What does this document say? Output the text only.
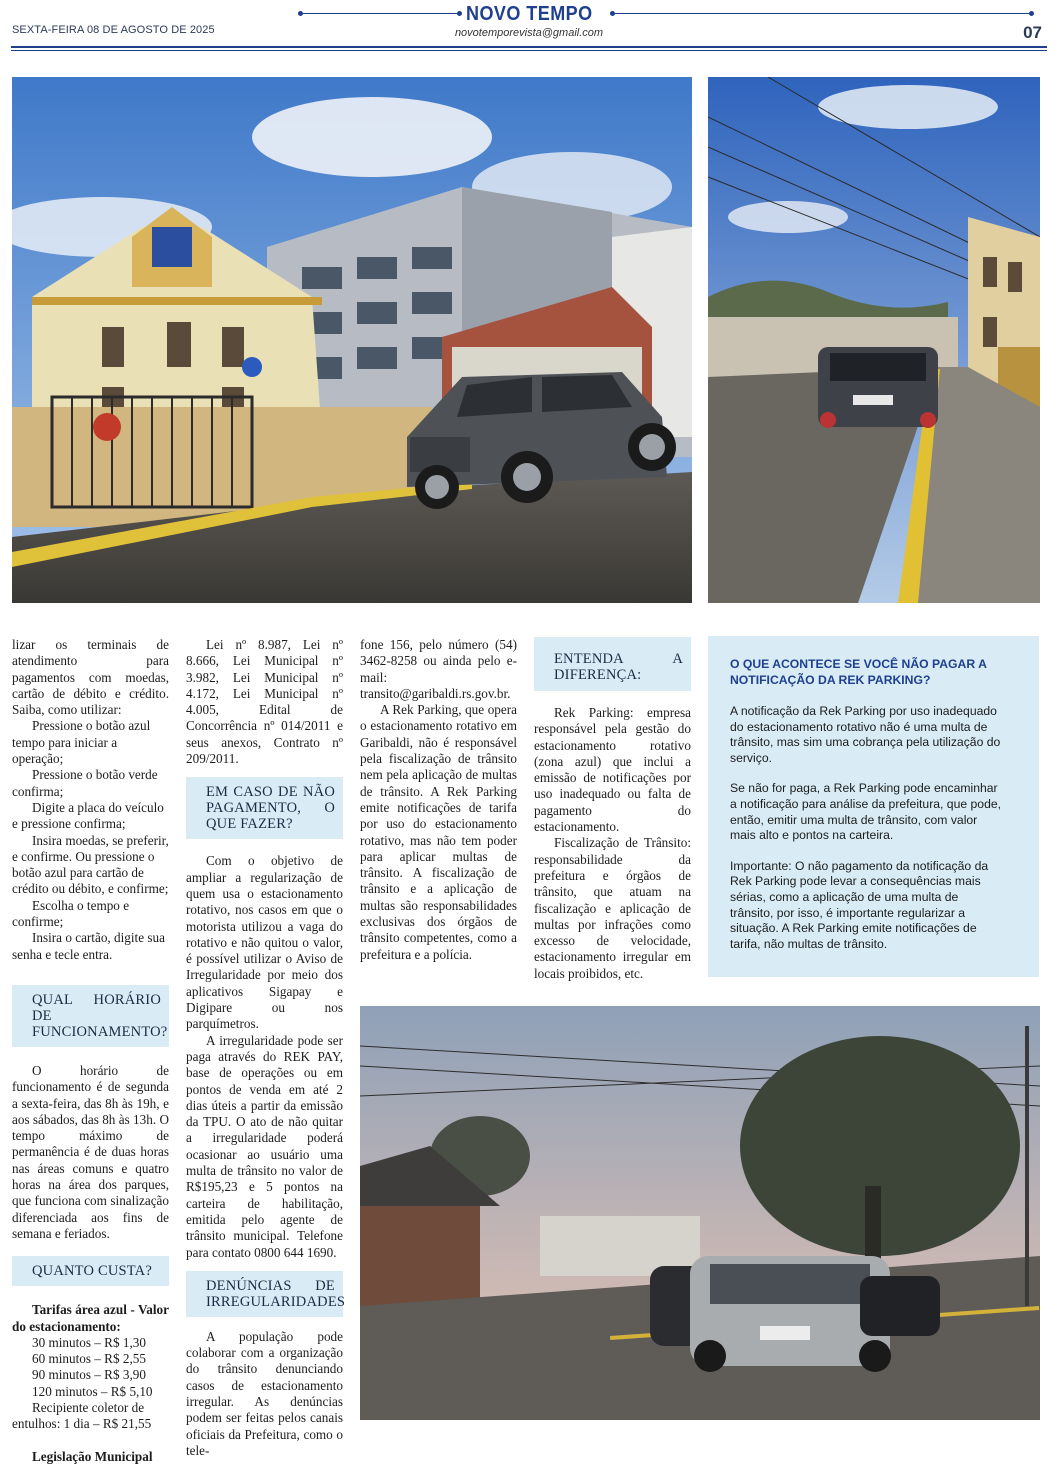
SEXTA-FEIRA 08 DE AGOSTO DE 2025
NOVO TEMPO
novotemporevista@gmail.com	07

lizar os terminais de atendimento para pagamentos com moedas, cartão de débito e crédito. Saiba, como utilizar:

Pressione o botão azul tempo para iniciar a operação;

Pressione o botão verde confirma;

Digite a placa do veículo e pressione confirma;

Insira moedas, se preferir, e confirme. Ou pressione o botão azul para cartão de crédito ou débito, e confirme;

Escolha o tempo e confirme;

Insira o cartão, digite sua senha e tecle entra.

QUAL HORÁRIO DE FUNCIONAMENTO?

O horário de funcionamento é de segunda a sexta-feira, das 8h às 19h, e aos sábados, das 8h às 13h. O tempo máximo de permanência é de duas horas nas áreas comuns e quatro horas na área dos parques, que funciona com sinalização diferenciada aos fins de semana e feriados.

QUANTO CUSTA?

Tarifas área azul - Valor do estacionamento:

30 minutos – R$ 1,30

60 minutos – R$ 2,55

90 minutos – R$ 3,90

120 minutos – R$ 5,10

Recipiente coletor de entulhos: 1 dia – R$ 21,55

Legislação Municipal

Lei nº 8.987, Lei nº 8.666, Lei Municipal nº 3.982, Lei Municipal nº 4.172, Lei Municipal nº 4.005, Edital de Concorrência nº 014/2011 e seus anexos, Contrato nº 209/2011.

EM CASO DE NÃO PAGAMENTO, O QUE FAZER?

Com o objetivo de ampliar a regularização de quem usa o estacionamento rotativo, nos casos em que o motorista utilizou a vaga do rotativo e não quitou o valor, é possível utilizar o Aviso de Irregularidade por meio dos aplicativos Sigapay e Digipare ou nos parquímetros.

A irregularidade pode ser paga através do REK PAY, base de operações ou em pontos de venda em até 2 dias úteis a partir da emissão da TPU. O ato de não quitar a irregularidade poderá ocasionar ao usuário uma multa de trânsito no valor de R$195,23 e 5 pontos na carteira de habilitação, emitida pelo agente de trânsito municipal. Telefone para contato 0800 644 1690.

DENÚNCIAS DE IRREGULARIDADES

A população pode colaborar com a organização do trânsito denunciando casos de estacionamento irregular. As denúncias podem ser feitas pelos canais oficiais da Prefeitura, como o tele-

fone 156, pelo número (54) 3462-8258 ou ainda pelo e-mail: transito@garibaldi.rs.gov.br.

A Rek Parking, que opera o estacionamento rotativo em Garibaldi, não é responsável pela fiscalização de trânsito nem pela aplicação de multas de trânsito. A Rek Parking emite notificações de tarifa por uso do estacionamento rotativo, mas não tem poder para aplicar multas de trânsito. A fiscalização de trânsito e a aplicação de multas são responsabilidades exclusivas dos órgãos de trânsito competentes, como a prefeitura e a polícia.

ENTENDA A DIFERENÇA:

Rek Parking: empresa responsável pela gestão do estacionamento rotativo (zona azul) que inclui a emissão de notificações por uso inadequado ou falta de pagamento do estacionamento.

Fiscalização de Trânsito: responsabilidade da prefeitura e órgãos de trânsito, que atuam na fiscalização e aplicação de multas por infrações como excesso de velocidade, estacionamento irregular em locais proibidos, etc.

O QUE ACONTECE SE VOCÊ NÃO PAGAR A NOTIFICAÇÃO DA REK PARKING?

A notificação da Rek Parking por uso inadequado do estacionamento rotativo não é uma multa de trânsito, mas sim uma cobrança pela utilização do serviço.

Se não for paga, a Rek Parking pode encaminhar a notificação para análise da prefeitura, que pode, então, emitir uma multa de trânsito, com valor mais alto e pontos na carteira.

Importante: O não pagamento da notificação da Rek Parking pode levar a consequências mais sérias, como a aplicação de uma multa de trânsito, por isso, é importante regularizar a situação. A Rek Parking emite notificações de tarifa, não multas de trânsito.
